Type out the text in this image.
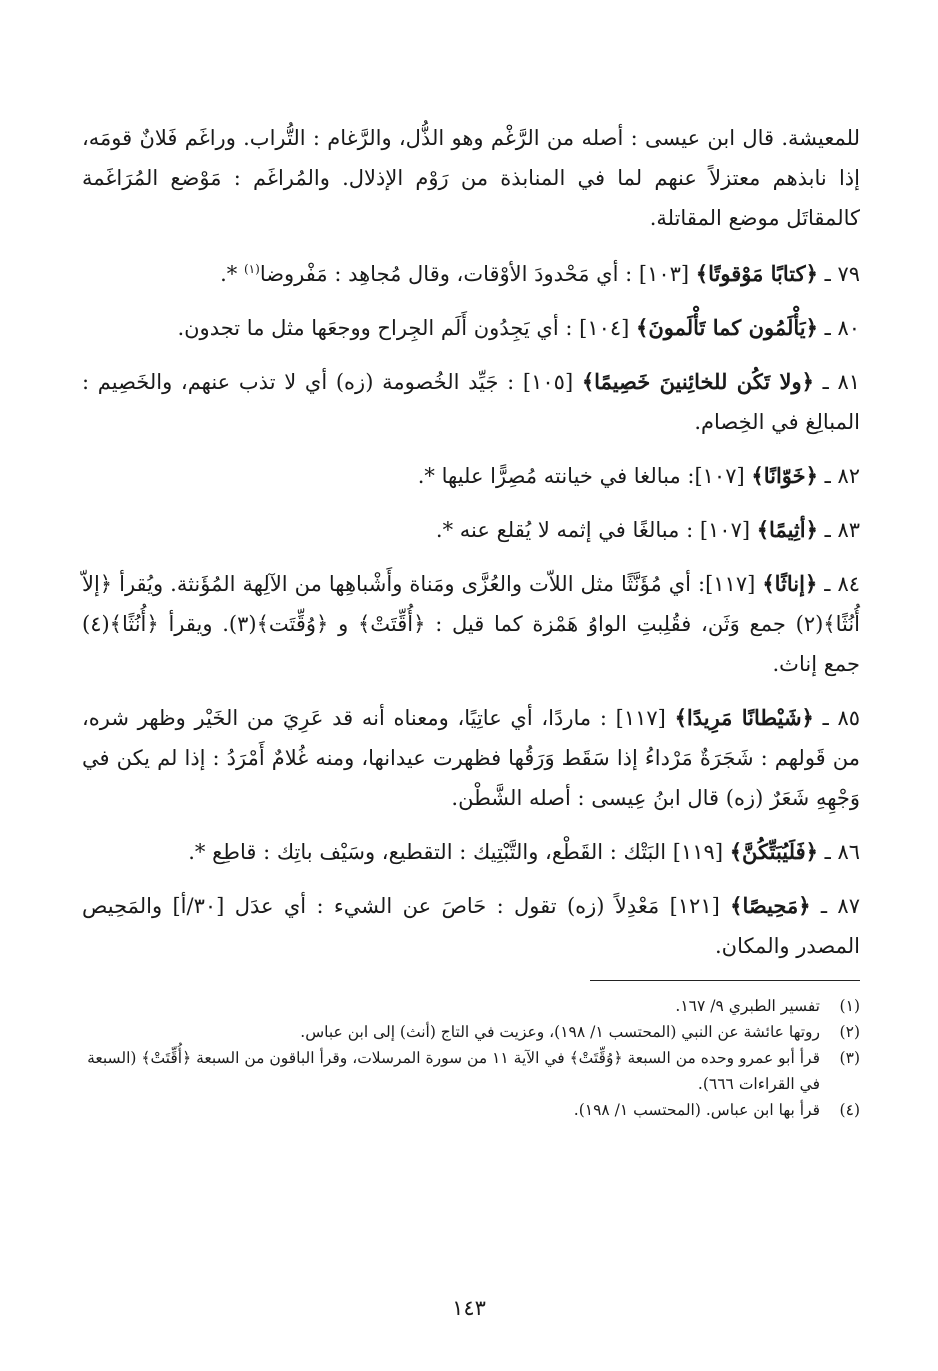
للمعيشة. قال ابن عيسى : أصله من الرَّغْم وهو الذُّل، والرَّغام : التُّراب. وراغَم فَلانٌ قومَه، إذا نابذهم معتزلاً عنهم لما في المنابذة من رَوْم الإذلال. والمُراغَم : مَوْضع المُرَاغَمة كالمقاتَل موضع المقاتلة.

٧٩ ـ ﴿كتابًا مَوْقوتًا﴾ [١٠٣] : أي مَحْدودَ الأوْقات، وقال مُجاهِد : مَفْروضا$^{(١)}$ *.

٨٠ ـ ﴿يَأْلَمُون كما تَأْلَمونَ﴾ [١٠٤] : أي يَجِدُون أَلَم الجِراح ووجعَها مثل ما تجدون.

٨١ ـ ﴿ولا تَكُن للخائِنينَ خَصِيمًا﴾ [١٠٥] : جَيِّد الخُصومة (زه) أي لا تذب عنهم، والخَصِيم : المبالِغ في الخِصام.

٨٢ ـ ﴿خَوّانًا﴾ [١٠٧]: مبالغا في خيانته مُصِرًّا عليها *.

٨٣ ـ ﴿أثِيمًا﴾ [١٠٧] : مبالغًا في إثمه لا يُقلع عنه *.

٨٤ ـ ﴿إناثًا﴾ [١١٧]: أي مُؤَنَّثًا مثل اللاّت والعُزَّى ومَناة وأَشْباهِها من الآلِهة المُؤَنثة. ويُقرأ ﴿إلاّ أُنُثًا﴾(٢) جمع وَثَن، فقُلِبتِ الواوُ هَمْزة كما قيل : ﴿أُقِّتَتْ﴾ و ﴿وُقِّتَت﴾(٣). ويقرأ ﴿أُنُثًا﴾(٤) جمع إناث.

٨٥ ـ ﴿شَيْطانًا مَرِيدًا﴾ [١١٧] : ماردًا، أي عاتِيًا، ومعناه أنه قد عَرِيَ من الخَيْر وظهر شره، من قَولهم : شَجَرَةٌ مَرْداءُ إذا سَقَط وَرَقُها فظهرت عيدانها، ومنه غُلامٌ أَمْرَدُ : إذا لم يكن في وَجْهِهِ شَعَرٌ (زه) قال ابنُ عِيسى : أصله الشَّطْن.

٨٦ ـ ﴿فَلَيُبَتِّكُنَّ﴾ [١١٩] البَتْك : القَطْع، والتَّبْتِيك : التقطيع، وسَيْف باتِك : قاطِع *.

٨٧ ـ ﴿مَحِيصًا﴾ [١٢١] مَعْدِلاً (زه) تقول : حَاصَ عن الشيء : أي عدَل [٣٠/أ] والمَحِيص المصدر والمكان.

(١)
تفسير الطبري ٩/ ١٦٧.
(٢)
روتها عائشة عن النبي (المحتسب ١/ ١٩٨)، وعزيت في التاج (أنث) إلى ابن عباس.
(٣)
قرأ أبو عمرو وحده من السبعة ﴿وُقِّتَتْ﴾ في الآية ١١ من سورة المرسلات، وقرأ الباقون من السبعة ﴿أُقِّتَتْ﴾ (السبعة في القراءات ٦٦٦).
(٤)
قرأ بها ابن عباس. (المحتسب ١/ ١٩٨).
١٤٣
